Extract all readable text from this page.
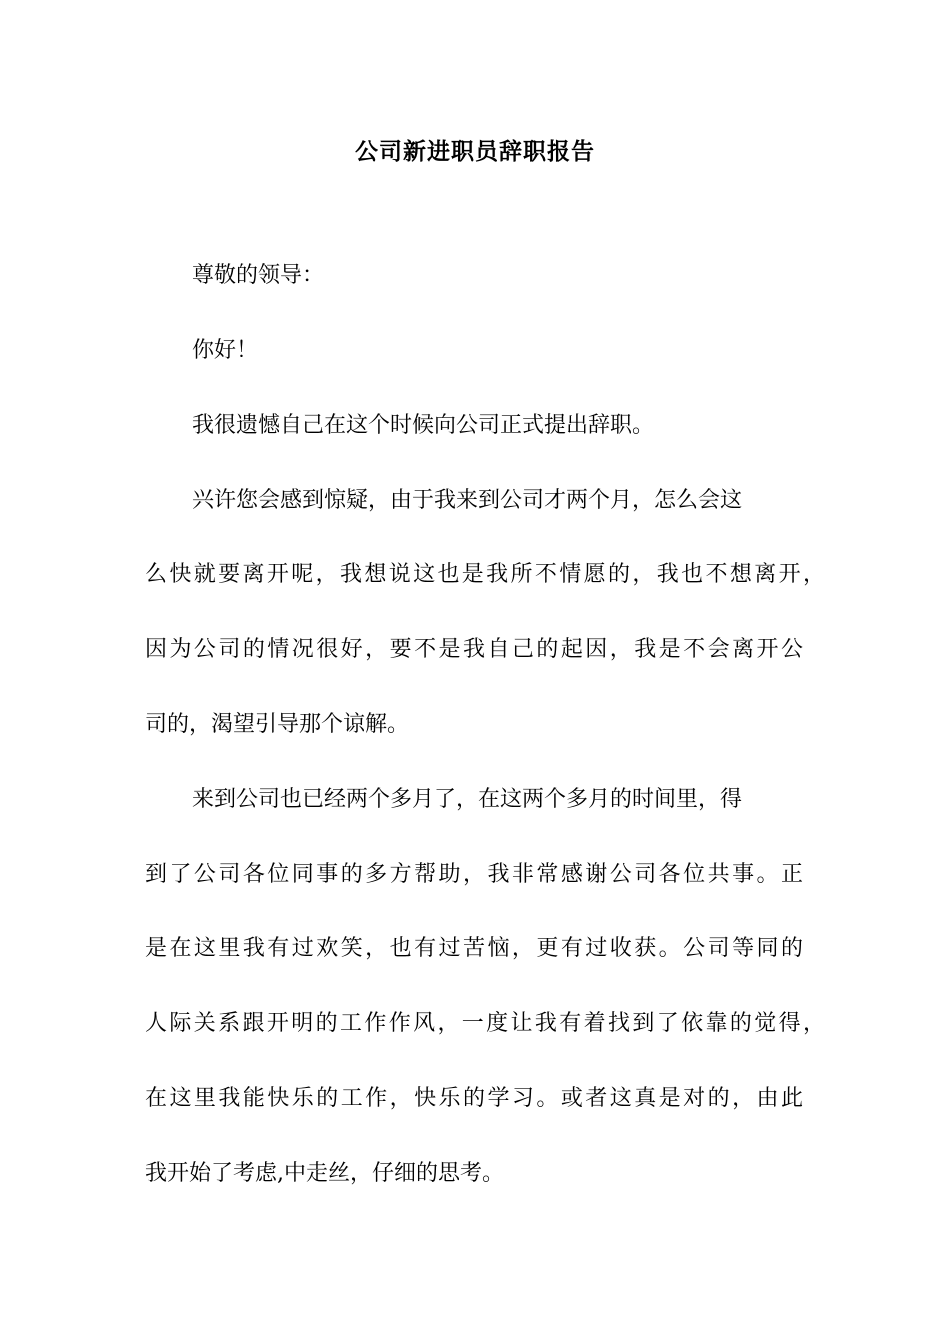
公司新进职员辞职报告
尊敬的领导：
你好！
我很遗憾自己在这个时候向公司正式提出辞职。
兴许您会感到惊疑，由于我来到公司才两个月，怎么会这
么快就要离开呢，我想说这也是我所不情愿的，我也不想离开，
因为公司的情况很好，要不是我自己的起因，我是不会离开公
司的，渴望引导那个谅解。
来到公司也已经两个多月了，在这两个多月的时间里，得
到了公司各位同事的多方帮助，我非常感谢公司各位共事。正
是在这里我有过欢笑，也有过苦恼，更有过收获。公司等同的
人际关系跟开明的工作作风，一度让我有着找到了依靠的觉得，
在这里我能快乐的工作，快乐的学习。或者这真是对的，由此
我开始了考虑,中走丝，仔细的思考。
